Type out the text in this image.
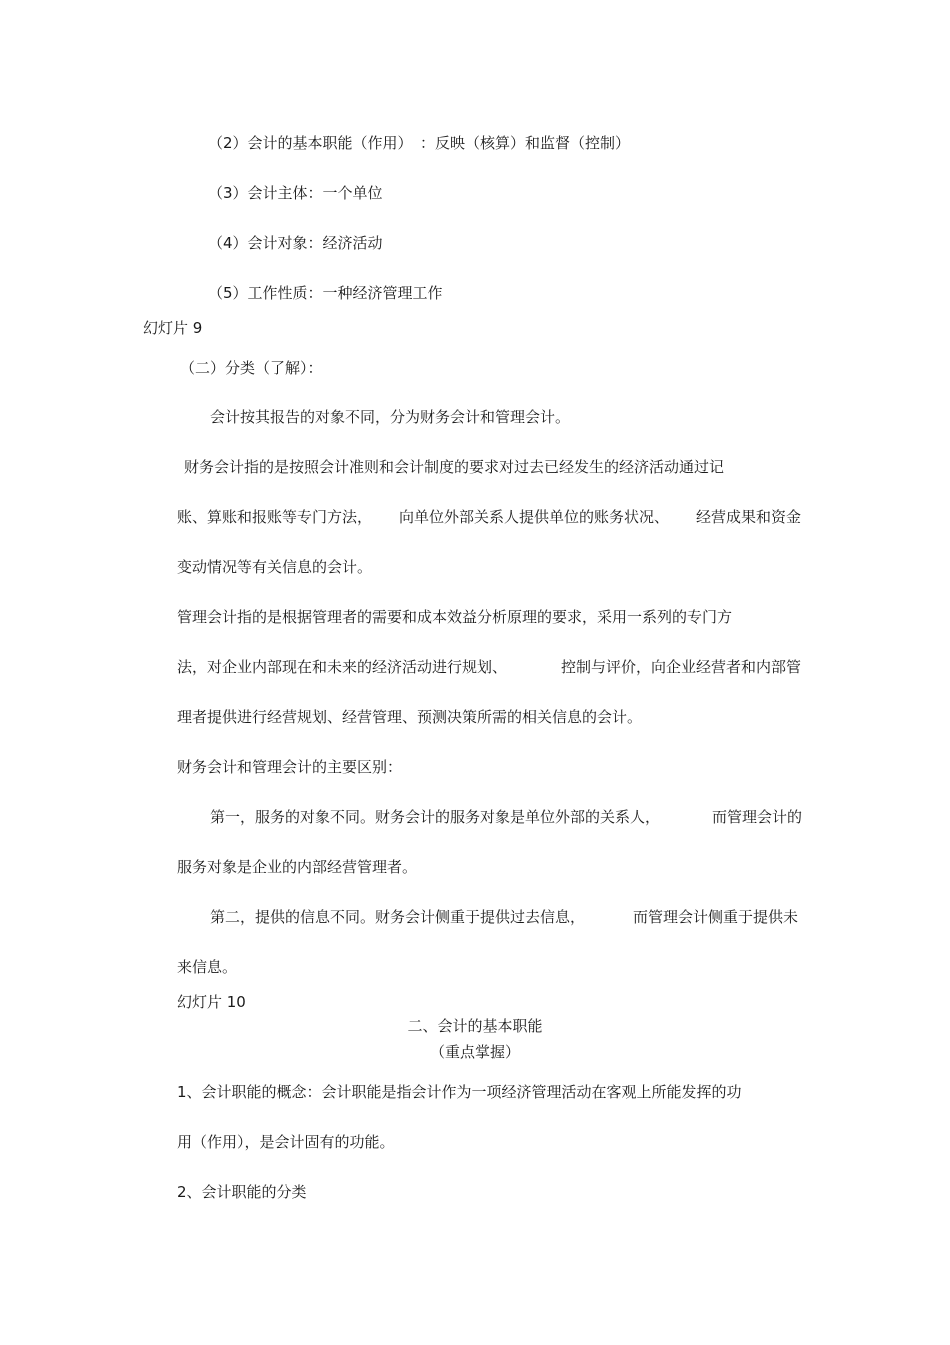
（2）会计的基本职能（作用） ：反映（核算）和监督（控制）
（3）会计主体：一个单位
（4）会计对象：经济活动
（5）工作性质：一种经济管理工作
幻灯片 9
（二）分类（了解）：
会计按其报告的对象不同，分为财务会计和管理会计。
财务会计指的是按照会计准则和会计制度的要求对过去已经发生的经济活动通过记
账、算账和报账等专门方法， 向单位外部关系人提供单位的账务状况、 经营成果和资金
变动情况等有关信息的会计。
管理会计指的是根据管理者的需要和成本效益分析原理的要求，采用一系列的专门方
法，对企业内部现在和未来的经济活动进行规划、	控制与评价，向企业经营者和内部管
理者提供进行经营规划、经营管理、预测决策所需的相关信息的会计。
财务会计和管理会计的主要区别：
第一，服务的对象不同。财务会计的服务对象是单位外部的关系人，	而管理会计的
服务对象是企业的内部经营管理者。
第二，提供的信息不同。财务会计侧重于提供过去信息，	而管理会计侧重于提供未
来信息。
幻灯片 10
二、会计的基本职能
（重点掌握）
1、会计职能的概念：会计职能是指会计作为一项经济管理活动在客观上所能发挥的功
用（作用），是会计固有的功能。
2、会计职能的分类
